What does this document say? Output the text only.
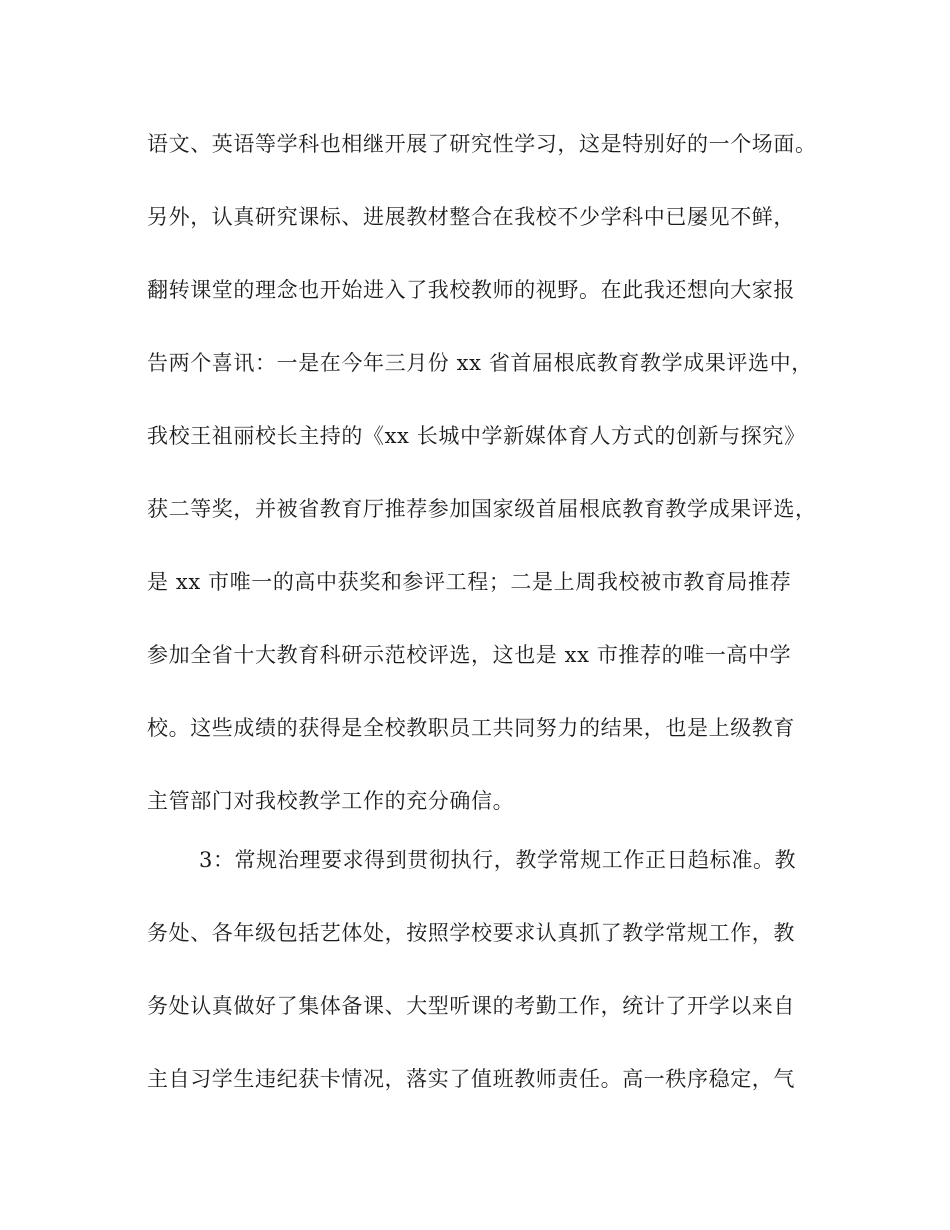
语文、英语等学科也相继开展了研究性学习，这是特别好的一个场面。
另外，认真研究课标、进展教材整合在我校不少学科中已屡见不鲜，
翻转课堂的理念也开始进入了我校教师的视野。在此我还想向大家报
告两个喜讯：一是在今年三月份 xx 省首届根底教育教学成果评选中，
我校王祖丽校长主持的《xx 长城中学新媒体育人方式的创新与探究》
获二等奖，并被省教育厅推荐参加国家级首届根底教育教学成果评选，
是 xx 市唯一的高中获奖和参评工程；二是上周我校被市教育局推荐
参加全省十大教育科研示范校评选，这也是 xx 市推荐的唯一高中学
校。这些成绩的获得是全校教职员工共同努力的结果，也是上级教育
主管部门对我校教学工作的充分确信。
3：常规治理要求得到贯彻执行，教学常规工作正日趋标准。教
务处、各年级包括艺体处，按照学校要求认真抓了教学常规工作，教
务处认真做好了集体备课、大型听课的考勤工作，统计了开学以来自
主自习学生违纪获卡情况，落实了值班教师责任。高一秩序稳定，气
